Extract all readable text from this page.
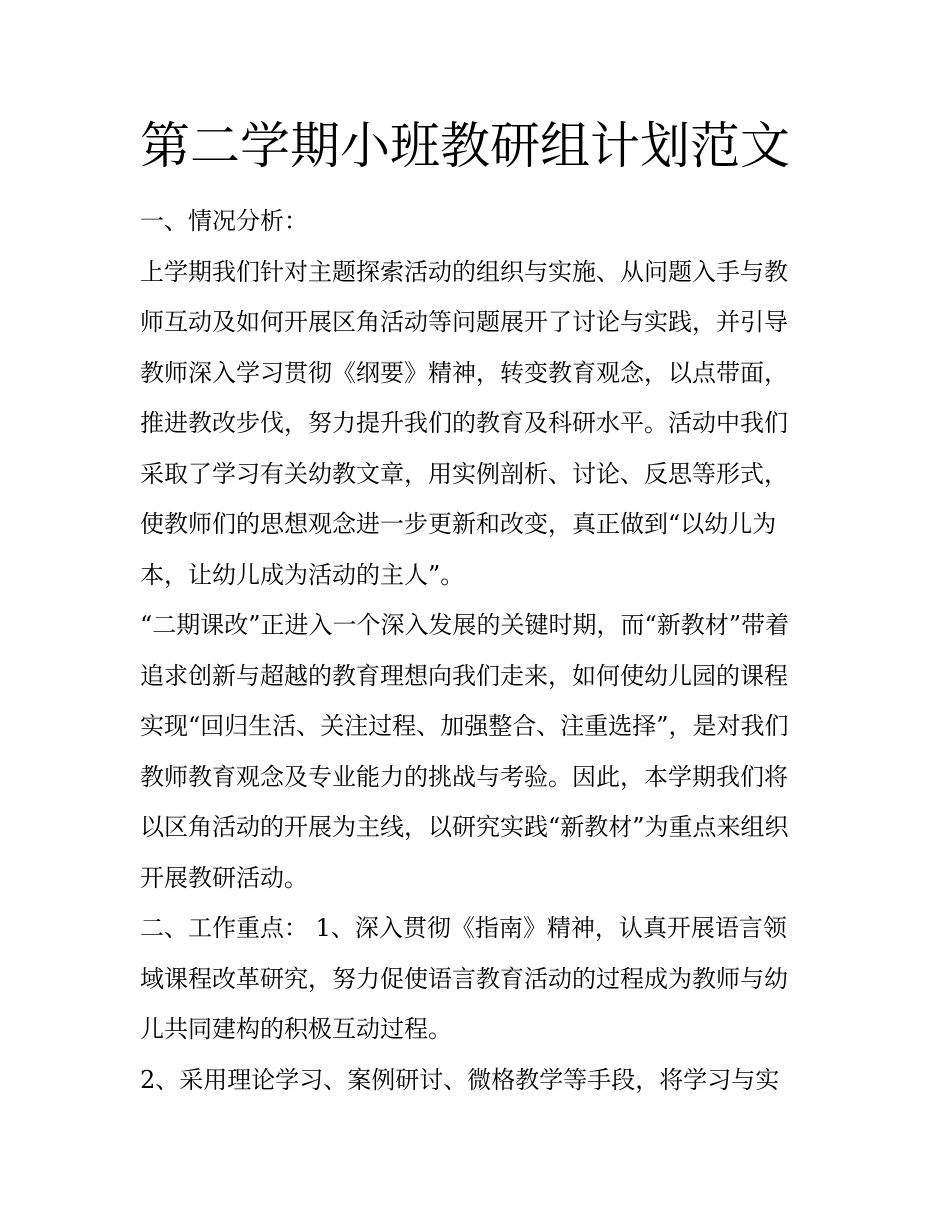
第二学期小班教研组计划范文

一、情况分析：

上学期我们针对主题探索活动的组织与实施、从问题入手与教

师互动及如何开展区角活动等问题展开了讨论与实践，并引导

教师深入学习贯彻《纲要》精神，转变教育观念，以点带面，

推进教改步伐，努力提升我们的教育及科研水平。活动中我们

采取了学习有关幼教文章，用实例剖析、讨论、反思等形式，

使教师们的思想观念进一步更新和改变，真正做到“以幼儿为

本，让幼儿成为活动的主人”。

“二期课改”正进入一个深入发展的关键时期，而“新教材”带着

追求创新与超越的教育理想向我们走来，如何使幼儿园的课程

实现“回归生活、关注过程、加强整合、注重选择”，是对我们

教师教育观念及专业能力的挑战与考验。因此，本学期我们将

以区角活动的开展为主线，以研究实践“新教材”为重点来组织

开展教研活动。

二、工作重点： 1、深入贯彻《指南》精神，认真开展语言领

域课程改革研究，努力促使语言教育活动的过程成为教师与幼

儿共同建构的积极互动过程。

2、采用理论学习、案例研讨、微格教学等手段，将学习与实
